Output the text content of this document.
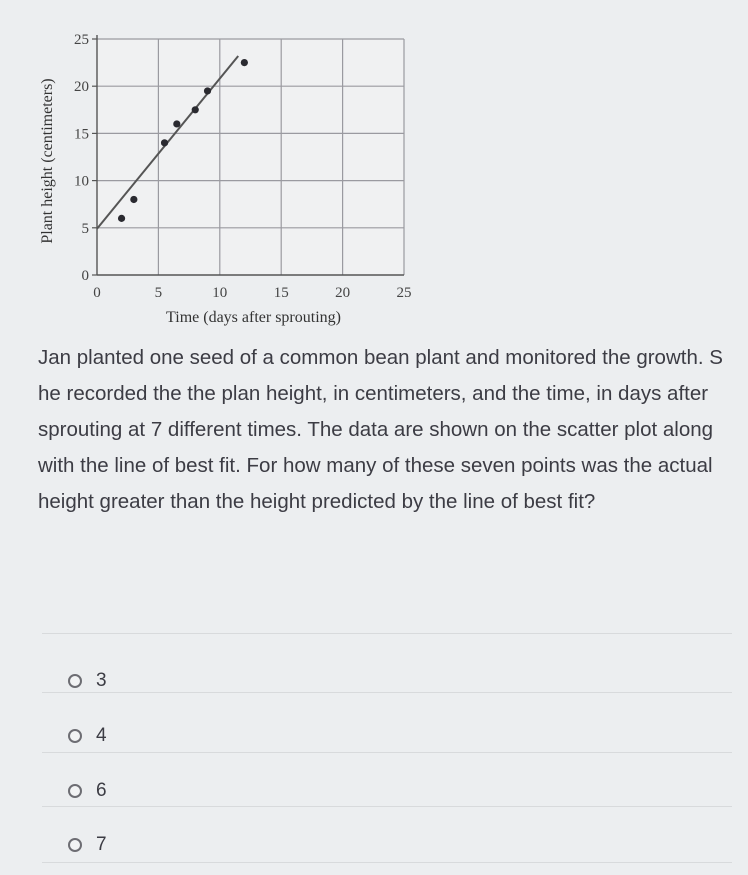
0	5	10	15	20	25
0
5
10
15
20
25
Time (days after sprouting)
Plant height (centimeters)

Jan planted one seed of a common bean plant and monitored the growth. S he recorded the the plan height, in centimeters, and the time, in days after sprouting at 7 different times. The data are shown on the scatter plot along with the line of best fit. For how many of these seven points was the actual height greater than the height predicted by the line of best fit?

3
4
6
7
